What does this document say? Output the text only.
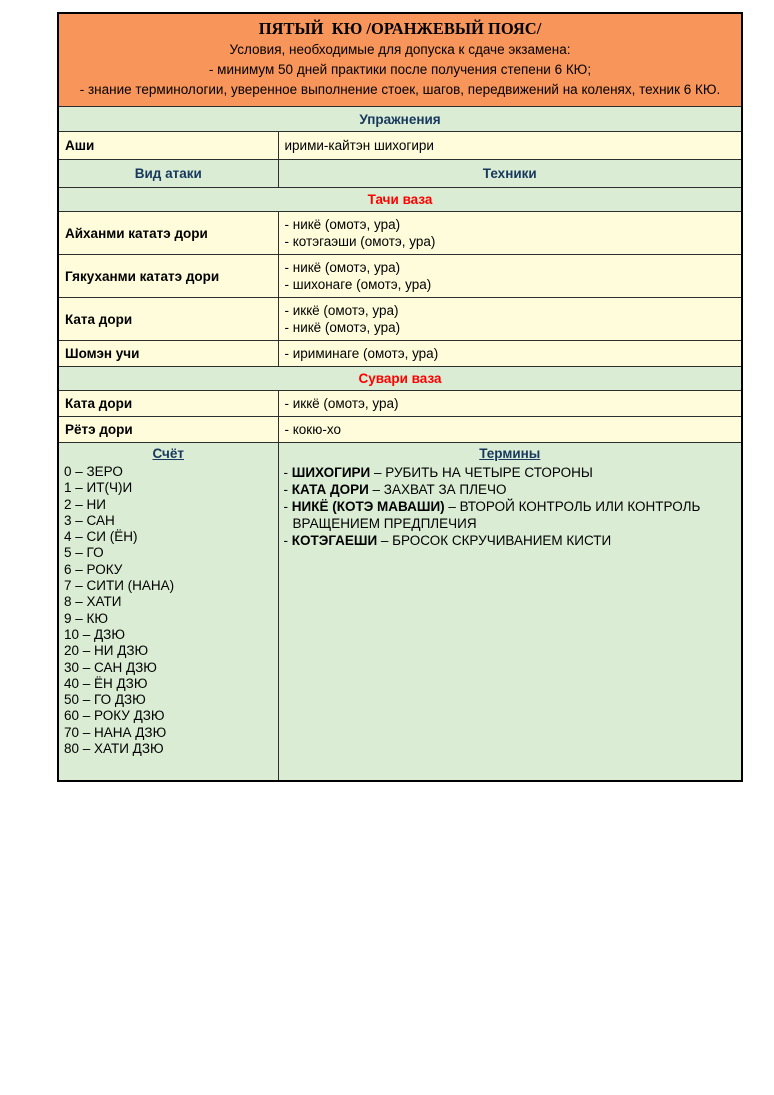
ПЯТЫЙ  КЮ /ОРАНЖЕВЫЙ ПОЯС/
Условия, необходимые для допуска к сдаче экзамена:
- минимум 50 дней практики после получения степени 6 КЮ;
- знание терминологии, уверенное выполнение стоек, шагов, передвижений на коленях, техник 6 КЮ.	

Упражнения	
Аши	ирими-кайтэн шихогири
Вид атаки	Техники
Тачи ваза	
Айханми кататэ дори	- никё (омотэ, ура)
- котэгаэши (омотэ, ура)

Гякуханми кататэ дори	- никё (омотэ, ура)
- шихонаге (омотэ, ура)

Ката дори	- иккё (омотэ, ура)
- никё (омотэ, ура)

Шомэн учи	- ириминаге (омотэ, ура)

Сувари ваза	
Ката дори	- иккё (омотэ, ура)

Рётэ дори	- кокю-хо

Счёт
0 – ЗЕРО
1 – ИТ(Ч)И
2 – НИ
3 – САН
4 – СИ (ЁН)
5 – ГО
6 – РОКУ
7 – СИТИ (НАНА)
8 – ХАТИ
9 – КЮ
10 – ДЗЮ
20 – НИ ДЗЮ
30 – САН ДЗЮ
40 – ЁН ДЗЮ
50 – ГО ДЗЮ
60 – РОКУ ДЗЮ
70 – НАНА ДЗЮ
80 – ХАТИ ДЗЮ

Термины
- ШИХОГИРИ – РУБИТЬ НА ЧЕТЫРЕ СТОРОНЫ
- КАТА ДОРИ – ЗАХВАТ ЗА ПЛЕЧО
- НИКЁ (КОТЭ МАВАШИ) – ВТОРОЙ КОНТРОЛЬ ИЛИ КОНТРОЛЬ ВРАЩЕНИЕМ ПРЕДПЛЕЧИЯ
- КОТЭГАЕШИ – БРОСОК СКРУЧИВАНИЕМ КИСТИ
